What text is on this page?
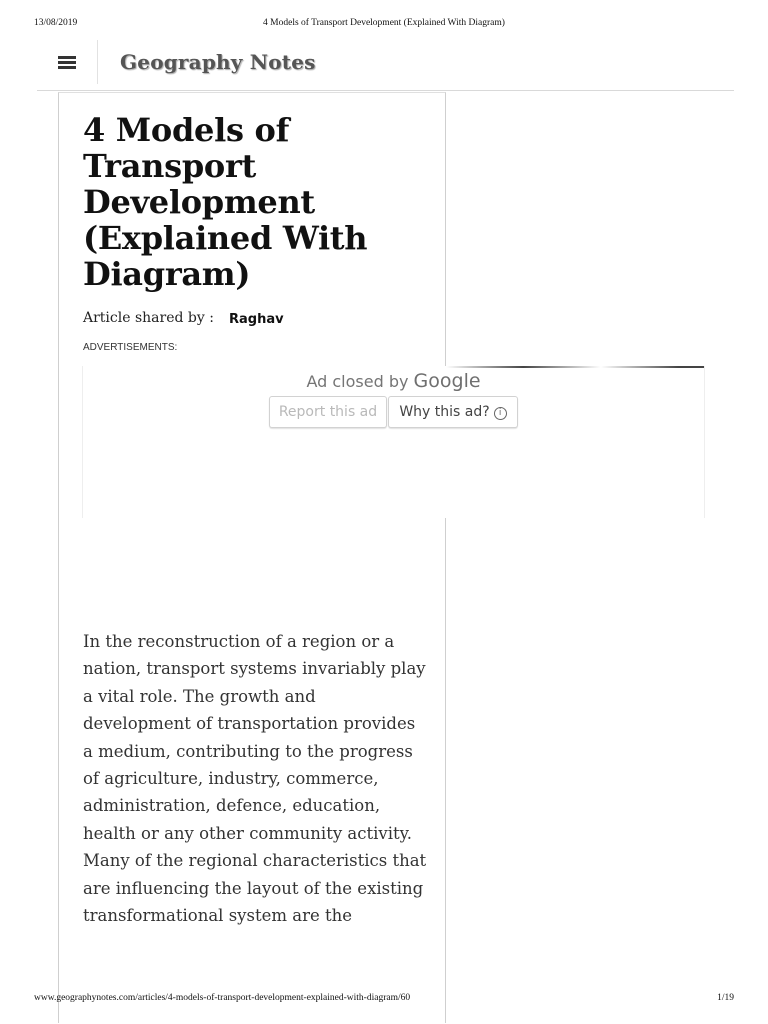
13/08/2019	4 Models of Transport Development (Explained With Diagram)
Geography Notes
4 Models of Transport Development (Explained With Diagram)
Article shared by : Raghav
ADVERTISEMENTS:
Ad closed by Google
Report this ad	Why this ad? i

In the reconstruction of a region or a nation, transport systems invariably play a vital role. The growth and development of transportation provides a medium, contributing to the progress of agriculture, industry, commerce, administration, defence, education, health or any other community activity. Many of the regional characteristics that are influencing the layout of the existing transformational system are the

www.geographynotes.com/articles/4-models-of-transport-development-explained-with-diagram/60	1/19
